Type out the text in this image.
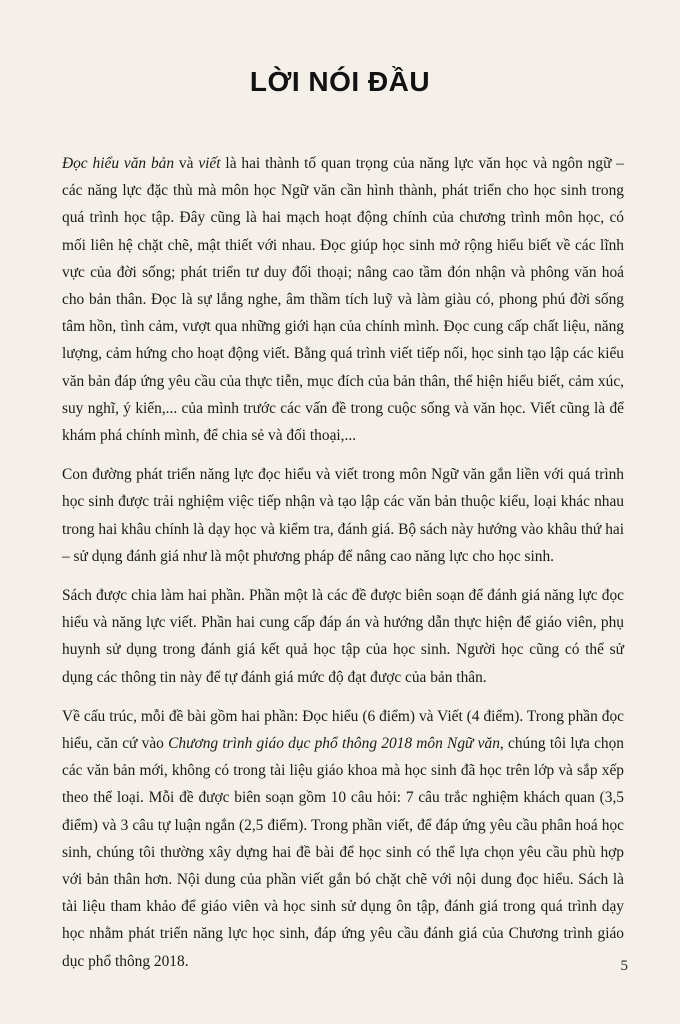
LỜI NÓI ĐẦU

Đọc hiểu văn bản và viết là hai thành tố quan trọng của năng lực văn học và ngôn ngữ – các năng lực đặc thù mà môn học Ngữ văn cần hình thành, phát triển cho học sinh trong quá trình học tập. Đây cũng là hai mạch hoạt động chính của chương trình môn học, có mối liên hệ chặt chẽ, mật thiết với nhau. Đọc giúp học sinh mở rộng hiểu biết về các lĩnh vực của đời sống; phát triển tư duy đối thoại; nâng cao tầm đón nhận và phông văn hoá cho bản thân. Đọc là sự lắng nghe, âm thầm tích luỹ và làm giàu có, phong phú đời sống tâm hồn, tình cảm, vượt qua những giới hạn của chính mình. Đọc cung cấp chất liệu, năng lượng, cảm hứng cho hoạt động viết. Bằng quá trình viết tiếp nối, học sinh tạo lập các kiểu văn bản đáp ứng yêu cầu của thực tiễn, mục đích của bản thân, thể hiện hiểu biết, cảm xúc, suy nghĩ, ý kiến,... của mình trước các vấn đề trong cuộc sống và văn học. Viết cũng là để khám phá chính mình, để chia sẻ và đối thoại,...

Con đường phát triển năng lực đọc hiểu và viết trong môn Ngữ văn gắn liền với quá trình học sinh được trải nghiệm việc tiếp nhận và tạo lập các văn bản thuộc kiểu, loại khác nhau trong hai khâu chính là dạy học và kiểm tra, đánh giá. Bộ sách này hướng vào khâu thứ hai – sử dụng đánh giá như là một phương pháp để nâng cao năng lực cho học sinh.

Sách được chia làm hai phần. Phần một là các đề được biên soạn để đánh giá năng lực đọc hiểu và năng lực viết. Phần hai cung cấp đáp án và hướng dẫn thực hiện để giáo viên, phụ huynh sử dụng trong đánh giá kết quả học tập của học sinh. Người học cũng có thể sử dụng các thông tin này để tự đánh giá mức độ đạt được của bản thân.

Về cấu trúc, mỗi đề bài gồm hai phần: Đọc hiểu (6 điểm) và Viết (4 điểm). Trong phần đọc hiểu, căn cứ vào Chương trình giáo dục phổ thông 2018 môn Ngữ văn, chúng tôi lựa chọn các văn bản mới, không có trong tài liệu giáo khoa mà học sinh đã học trên lớp và sắp xếp theo thể loại. Mỗi đề được biên soạn gồm 10 câu hỏi: 7 câu trắc nghiệm khách quan (3,5 điểm) và 3 câu tự luận ngắn (2,5 điểm). Trong phần viết, để đáp ứng yêu cầu phân hoá học sinh, chúng tôi thường xây dựng hai đề bài để học sinh có thể lựa chọn yêu cầu phù hợp với bản thân hơn. Nội dung của phần viết gắn bó chặt chẽ với nội dung đọc hiểu. Sách là tài liệu tham khảo để giáo viên và học sinh sử dụng ôn tập, đánh giá trong quá trình dạy học nhằm phát triển năng lực học sinh, đáp ứng yêu cầu đánh giá của Chương trình giáo dục phổ thông 2018.	5
